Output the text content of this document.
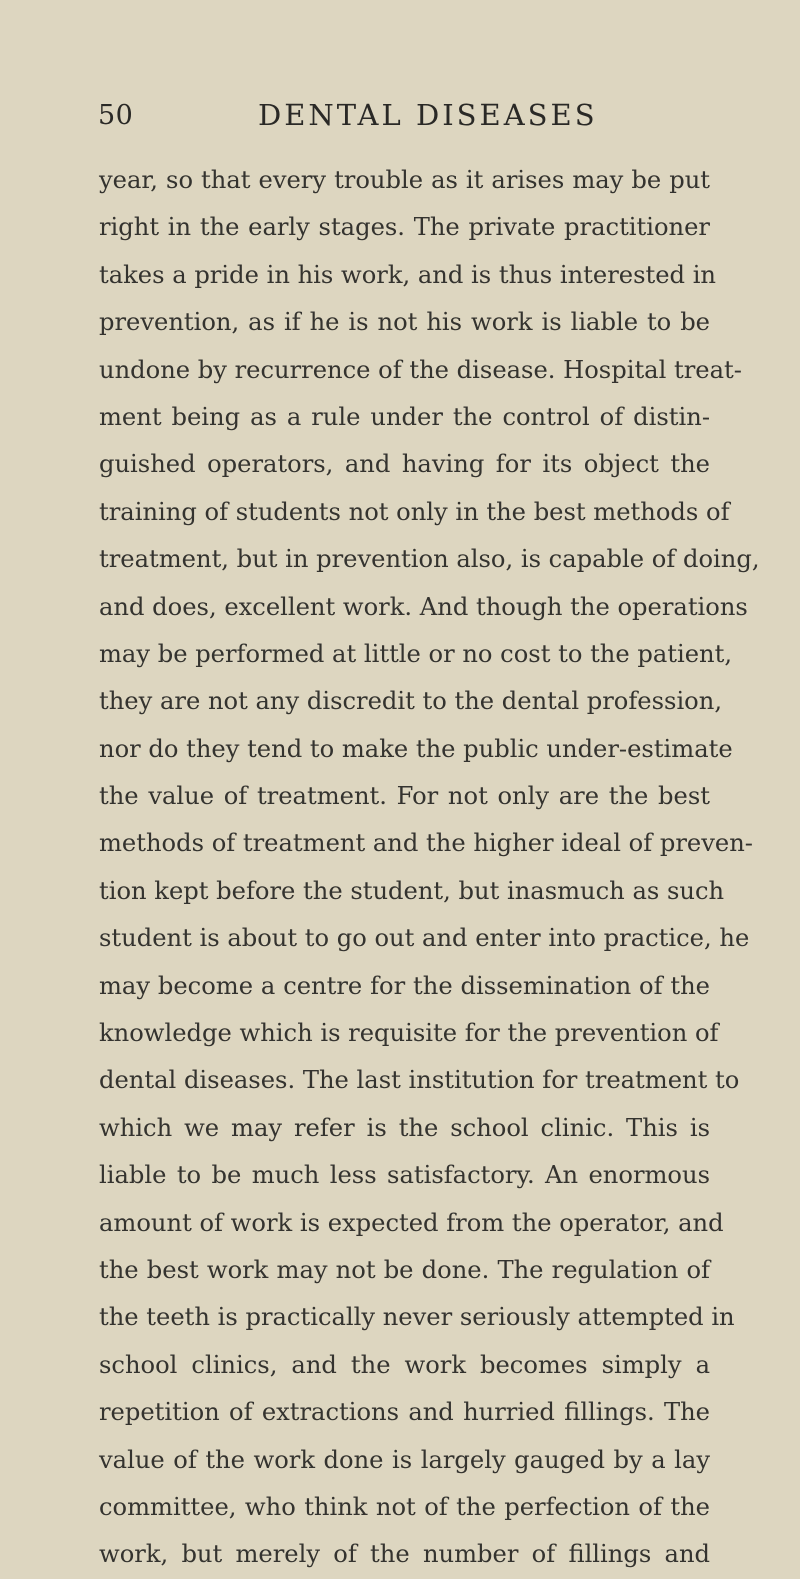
50	DENTAL DISEASES
year, so that every trouble as it arises may be put
right in the early stages. The private practitioner
takes a pride in his work, and is thus interested in
prevention, as if he is not his work is liable to be
undone by recurrence of the disease. Hospital treat-
ment being as a rule under the control of distin-
guished operators, and having for its object the
training of students not only in the best methods of
treatment, but in prevention also, is capable of doing,
and does, excellent work. And though the operations
may be performed at little or no cost to the patient,
they are not any discredit to the dental profession,
nor do they tend to make the public under-estimate
the value of treatment. For not only are the best
methods of treatment and the higher ideal of preven-
tion kept before the student, but inasmuch as such
student is about to go out and enter into practice, he
may become a centre for the dissemination of the
knowledge which is requisite for the prevention of
dental diseases. The last institution for treatment to
which we may refer is the school clinic. This is
liable to be much less satisfactory. An enormous
amount of work is expected from the operator, and
the best work may not be done. The regulation of
the teeth is practically never seriously attempted in
school clinics, and the work becomes simply a
repetition of extractions and hurried fillings. The
value of the work done is largely gauged by a lay
committee, who think not of the perfection of the
work, but merely of the number of fillings and
